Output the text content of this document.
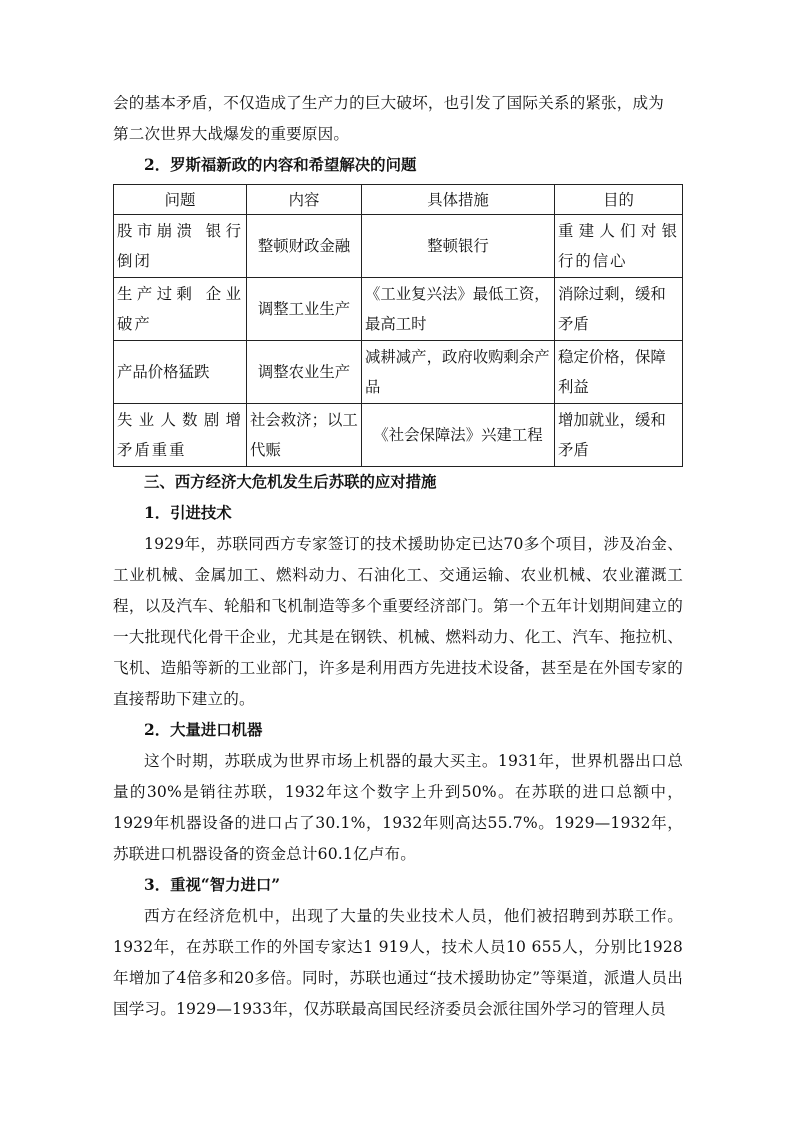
会的基本矛盾，不仅造成了生产力的巨大破坏，也引发了国际关系的紧张，成为

第二次世界大战爆发的重要原因。

2．罗斯福新政的内容和希望解决的问题

问题	内容	具体措施	目的
股市崩溃 银行倒闭	整顿财政金融	整顿银行	重建人们对银行的信心
生产过剩 企业破产	调整工业生产	《工业复兴法》最低工资，最高工时	消除过剩，缓和矛盾
产品价格猛跌	调整农业生产	减耕减产，政府收购剩余产品	稳定价格，保障利益
失业人数剧增 矛盾重重	社会救济；以工代赈	《社会保障法》兴建工程	增加就业，缓和矛盾

三、西方经济大危机发生后苏联的应对措施

1．引进技术

1929年，苏联同西方专家签订的技术援助协定已达70多个项目，涉及冶金、工业机械、金属加工、燃料动力、石油化工、交通运输、农业机械、农业灌溉工程，以及汽车、轮船和飞机制造等多个重要经济部门。第一个五年计划期间建立的一大批现代化骨干企业，尤其是在钢铁、机械、燃料动力、化工、汽车、拖拉机、飞机、造船等新的工业部门，许多是利用西方先进技术设备，甚至是在外国专家的直接帮助下建立的。

2．大量进口机器

这个时期，苏联成为世界市场上机器的最大买主。1931年，世界机器出口总量的30%是销往苏联，1932年这个数字上升到50%。在苏联的进口总额中，1929年机器设备的进口占了30.1%，1932年则高达55.7%。1929—1932年，苏联进口机器设备的资金总计60.1亿卢布。

3．重视“智力进口”

西方在经济危机中，出现了大量的失业技术人员，他们被招聘到苏联工作。1932年，在苏联工作的外国专家达1 919人，技术人员10 655人，分别比1928年增加了4倍多和20多倍。同时，苏联也通过“技术援助协定”等渠道，派遣人员出国学习。1929—1933年，仅苏联最高国民经济委员会派往国外学习的管理人员
